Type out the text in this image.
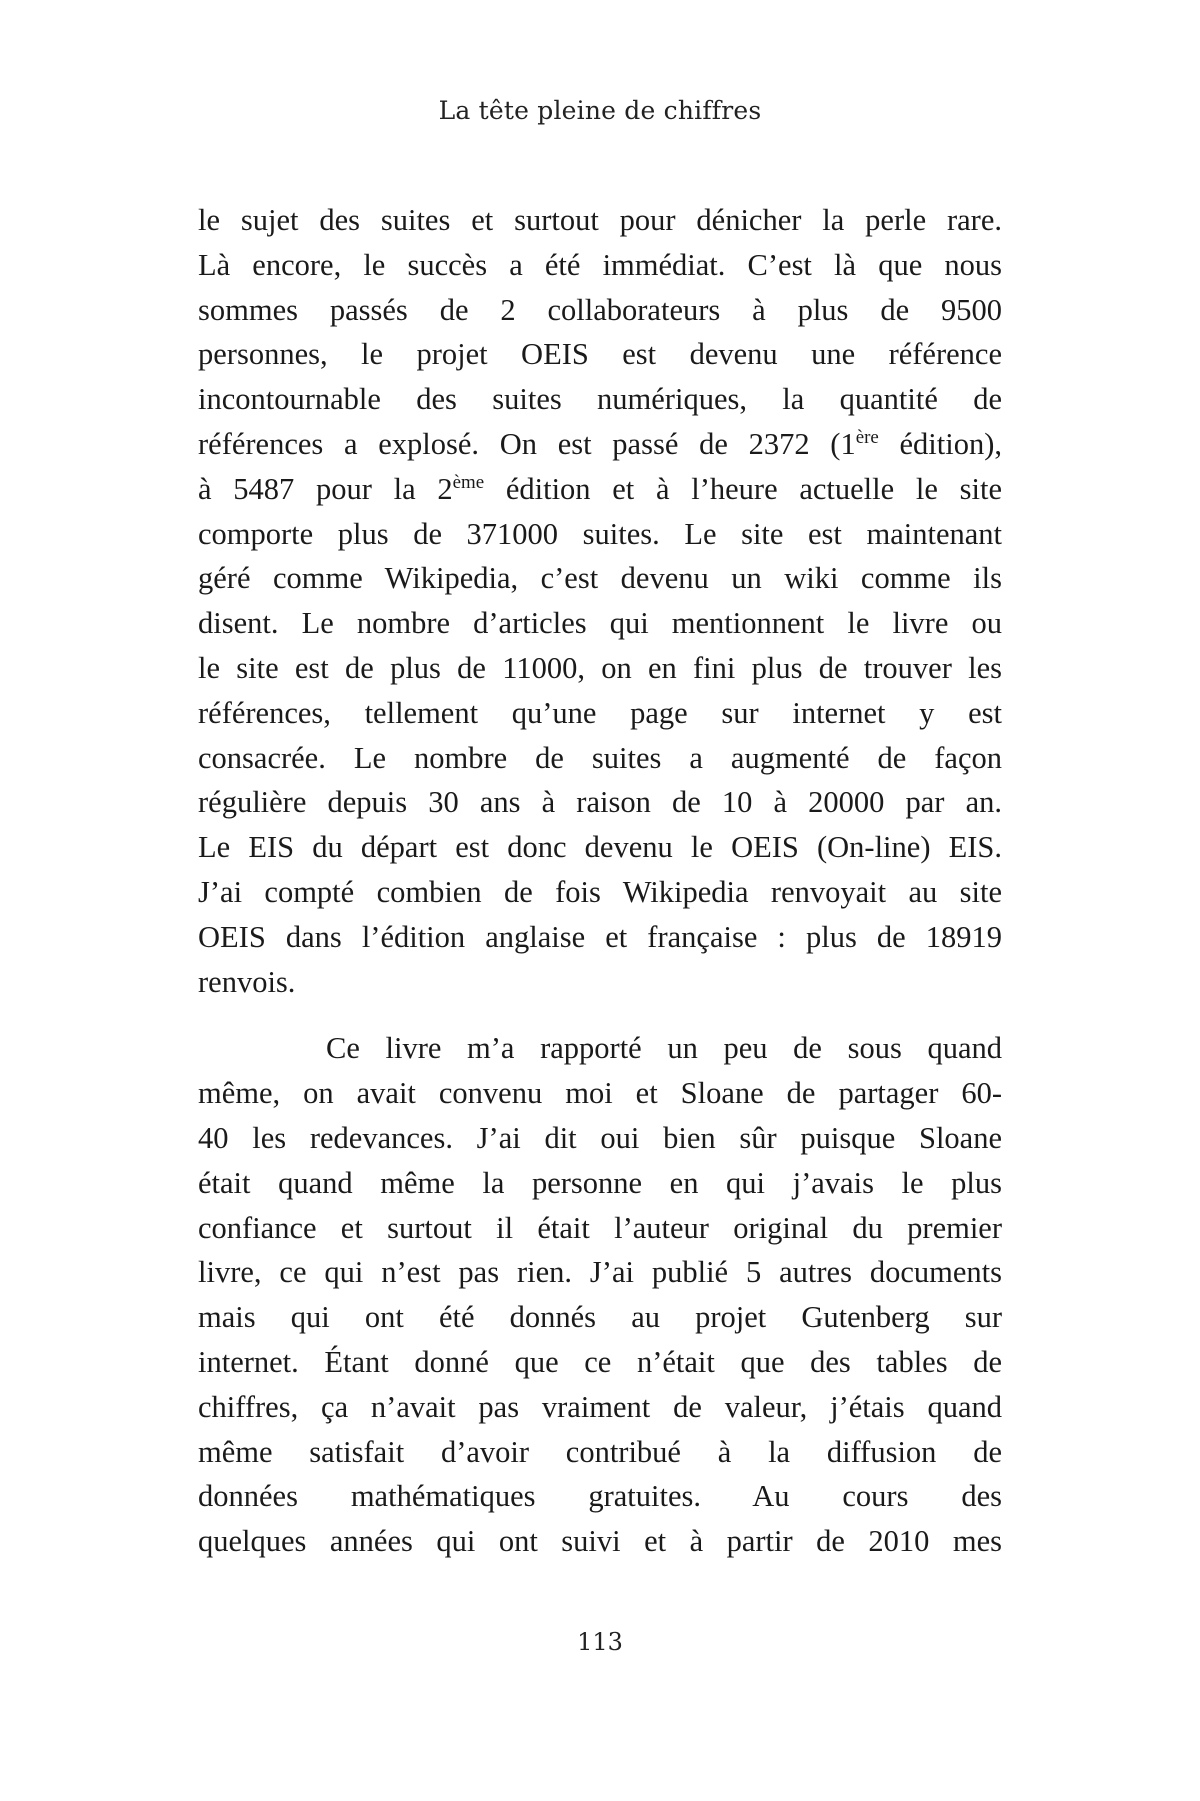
La tête pleine de chiffres

le sujet des suites et surtout pour dénicher la perle rare.
Là encore, le succès a été immédiat. C’est là que nous
sommes passés de 2 collaborateurs à plus de 9500
personnes, le projet OEIS est devenu une référence
incontournable des suites numériques, la quantité de
références a explosé. On est passé de 2372 (1ère édition),
à 5487 pour la 2ème édition et à l’heure actuelle le site
comporte plus de 371000 suites. Le site est maintenant
géré comme Wikipedia, c’est devenu un wiki comme ils
disent. Le nombre d’articles qui mentionnent le livre ou
le site est de plus de 11000, on en fini plus de trouver les
références, tellement qu’une page sur internet y est
consacrée. Le nombre de suites a augmenté de façon
régulière depuis 30 ans à raison de 10 à 20000 par an.
Le EIS du départ est donc devenu le OEIS (On-line) EIS.
J’ai compté combien de fois Wikipedia renvoyait au site
OEIS dans l’édition anglaise et française : plus de 18919
renvois.

Ce livre m’a rapporté un peu de sous quand
même, on avait convenu moi et Sloane de partager 60-
40 les redevances. J’ai dit oui bien sûr puisque Sloane
était quand même la personne en qui j’avais le plus
confiance et surtout il était l’auteur original du premier
livre, ce qui n’est pas rien. J’ai publié 5 autres documents
mais qui ont été donnés au projet Gutenberg sur
internet. Étant donné que ce n’était que des tables de
chiffres, ça n’avait pas vraiment de valeur, j’étais quand
même satisfait d’avoir contribué à la diffusion de
données mathématiques gratuites. Au cours des
quelques années qui ont suivi et à partir de 2010 mes

113
